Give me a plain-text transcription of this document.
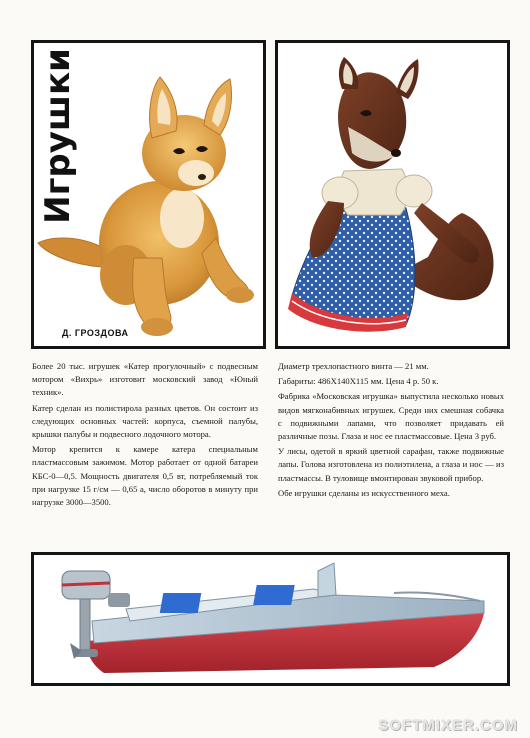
Игрушки
Д. ГРОЗДОВА

Более 20 тыс. игрушек «Катер прогулочный» с подвесным мотором «Вихрь» изготовит московский завод «Юный техник».

Катер сделан из полистирола разных цветов. Он состоит из следующих основных частей: корпуса, съемной палубы, крышки палубы и подвесного лодочного мотора.

Мотор крепится к камере катера специальным пластмассовым зажимом. Мотор работает от одной батареи КБС-0—0,5. Мощность двигателя 0,5 вт, потребляемый ток при нагрузке 15 г/см — 0,65 а, число оборотов в минуту при нагрузке 3000—3500.

Диаметр трехлопастного винта — 21 мм.

Габариты: 486X140X115 мм. Цена 4 р. 50 к.

Фабрика «Московская игрушка» выпустила несколько новых видов мягконабивных игрушек. Среди них смешная собачка с подвижными лапами, что позволяет придавать ей различные позы. Глаза и нос ее пластмассовые. Цена 3 руб.

У лисы, одетой в яркий цветной сарафан, также подвижные лапы. Голова изготовлена из полиэтилена, а глаза и нос — из пластмассы. В туловище вмонтирован звуковой прибор.

Обе игрушки сделаны из искусственного меха.

SOFTMIXER.COM
